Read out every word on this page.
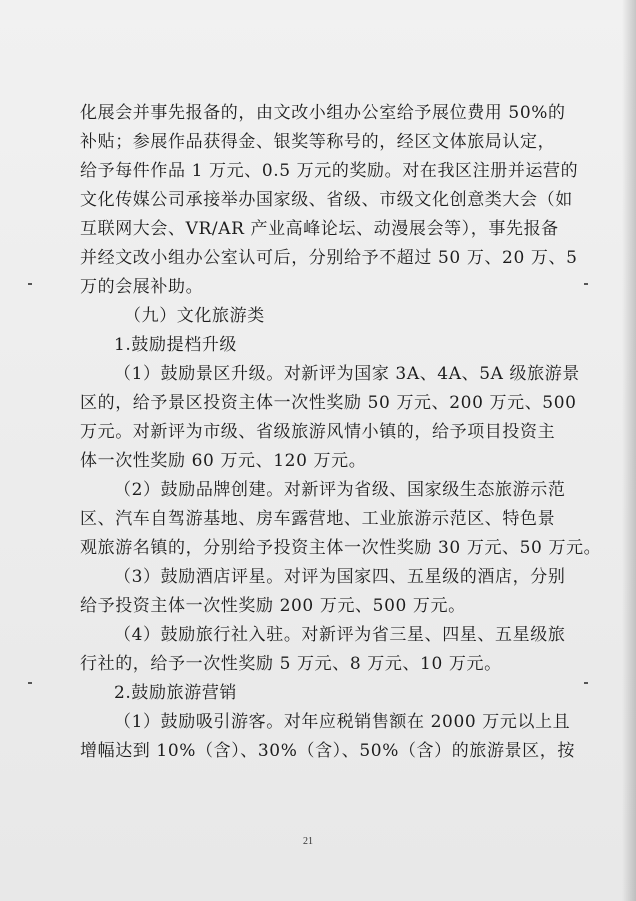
化展会并事先报备的，由文改小组办公室给予展位费用 50%的
补贴；参展作品获得金、银奖等称号的，经区文体旅局认定，
给予每件作品 1 万元、0.5 万元的奖励。对在我区注册并运营的
文化传媒公司承接举办国家级、省级、市级文化创意类大会（如
互联网大会、VR/AR 产业高峰论坛、动漫展会等），事先报备
并经文改小组办公室认可后，分别给予不超过 50 万、20 万、5
万的会展补助。
（九）文化旅游类
1.鼓励提档升级
（1）鼓励景区升级。对新评为国家 3A、4A、5A 级旅游景
区的，给予景区投资主体一次性奖励 50 万元、200 万元、500
万元。对新评为市级、省级旅游风情小镇的，给予项目投资主
体一次性奖励 60 万元、120 万元。
（2）鼓励品牌创建。对新评为省级、国家级生态旅游示范
区、汽车自驾游基地、房车露营地、工业旅游示范区、特色景
观旅游名镇的，分别给予投资主体一次性奖励 30 万元、50 万元。
（3）鼓励酒店评星。对评为国家四、五星级的酒店，分别
给予投资主体一次性奖励 200 万元、500 万元。
（4）鼓励旅行社入驻。对新评为省三星、四星、五星级旅
行社的，给予一次性奖励 5 万元、8 万元、10 万元。
2.鼓励旅游营销
（1）鼓励吸引游客。对年应税销售额在 2000 万元以上且
增幅达到 10%（含）、30%（含）、50%（含）的旅游景区，按
21
